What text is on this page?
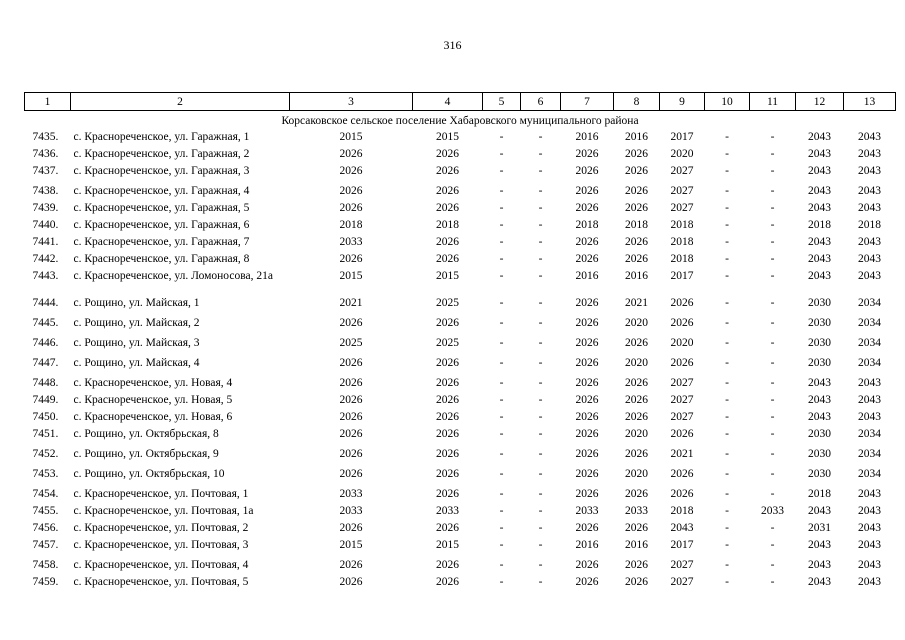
316
1	2	3	4	5	6	7	8	9	10	11	12	13
Корсаковское сельское поселение Хабаровского муниципального района												
7435.	с. Краснореченское, ул. Гаражная, 1	2015	2015	-	-	2016	2016	2017	-	-	2043	2043
7436.	с. Краснореченское, ул. Гаражная, 2	2026	2026	-	-	2026	2026	2020	-	-	2043	2043
7437.	с. Краснореченское, ул. Гаражная, 3	2026	2026	-	-	2026	2026	2027	-	-	2043	2043
7438.	с. Краснореченское, ул. Гаражная, 4	2026	2026	-	-	2026	2026	2027	-	-	2043	2043
7439.	с. Краснореченское, ул. Гаражная, 5	2026	2026	-	-	2026	2026	2027	-	-	2043	2043
7440.	с. Краснореченское, ул. Гаражная, 6	2018	2018	-	-	2018	2018	2018	-	-	2018	2018
7441.	с. Краснореченское, ул. Гаражная, 7	2033	2026	-	-	2026	2026	2018	-	-	2043	2043
7442.	с. Краснореченское, ул. Гаражная, 8	2026	2026	-	-	2026	2026	2018	-	-	2043	2043
7443.	с. Краснореченское, ул. Ломоносова, 21а	2015	2015	-	-	2016	2016	2017	-	-	2043	2043
7444.	с. Рощино, ул. Майская, 1	2021	2025	-	-	2026	2021	2026	-	-	2030	2034
7445.	с. Рощино, ул. Майская, 2	2026	2026	-	-	2026	2020	2026	-	-	2030	2034
7446.	с. Рощино, ул. Майская, 3	2025	2025	-	-	2026	2026	2020	-	-	2030	2034
7447.	с. Рощино, ул. Майская, 4	2026	2026	-	-	2026	2020	2026	-	-	2030	2034
7448.	с. Краснореченское, ул. Новая, 4	2026	2026	-	-	2026	2026	2027	-	-	2043	2043
7449.	с. Краснореченское, ул. Новая, 5	2026	2026	-	-	2026	2026	2027	-	-	2043	2043
7450.	с. Краснореченское, ул. Новая, 6	2026	2026	-	-	2026	2026	2027	-	-	2043	2043
7451.	с. Рощино, ул. Октябрьская, 8	2026	2026	-	-	2026	2020	2026	-	-	2030	2034
7452.	с. Рощино, ул. Октябрьская, 9	2026	2026	-	-	2026	2026	2021	-	-	2030	2034
7453.	с. Рощино, ул. Октябрьская, 10	2026	2026	-	-	2026	2020	2026	-	-	2030	2034
7454.	с. Краснореченское, ул. Почтовая, 1	2033	2026	-	-	2026	2026	2026	-	-	2018	2043
7455.	с. Краснореченское, ул. Почтовая, 1а	2033	2033	-	-	2033	2033	2018	-	2033	2043	2043
7456.	с. Краснореченское, ул. Почтовая, 2	2026	2026	-	-	2026	2026	2043	-	-	2031	2043
7457.	с. Краснореченское, ул. Почтовая, 3	2015	2015	-	-	2016	2016	2017	-	-	2043	2043
7458.	с. Краснореченское, ул. Почтовая, 4	2026	2026	-	-	2026	2026	2027	-	-	2043	2043
7459.	с. Краснореченское, ул. Почтовая, 5	2026	2026	-	-	2026	2026	2027	-	-	2043	2043
